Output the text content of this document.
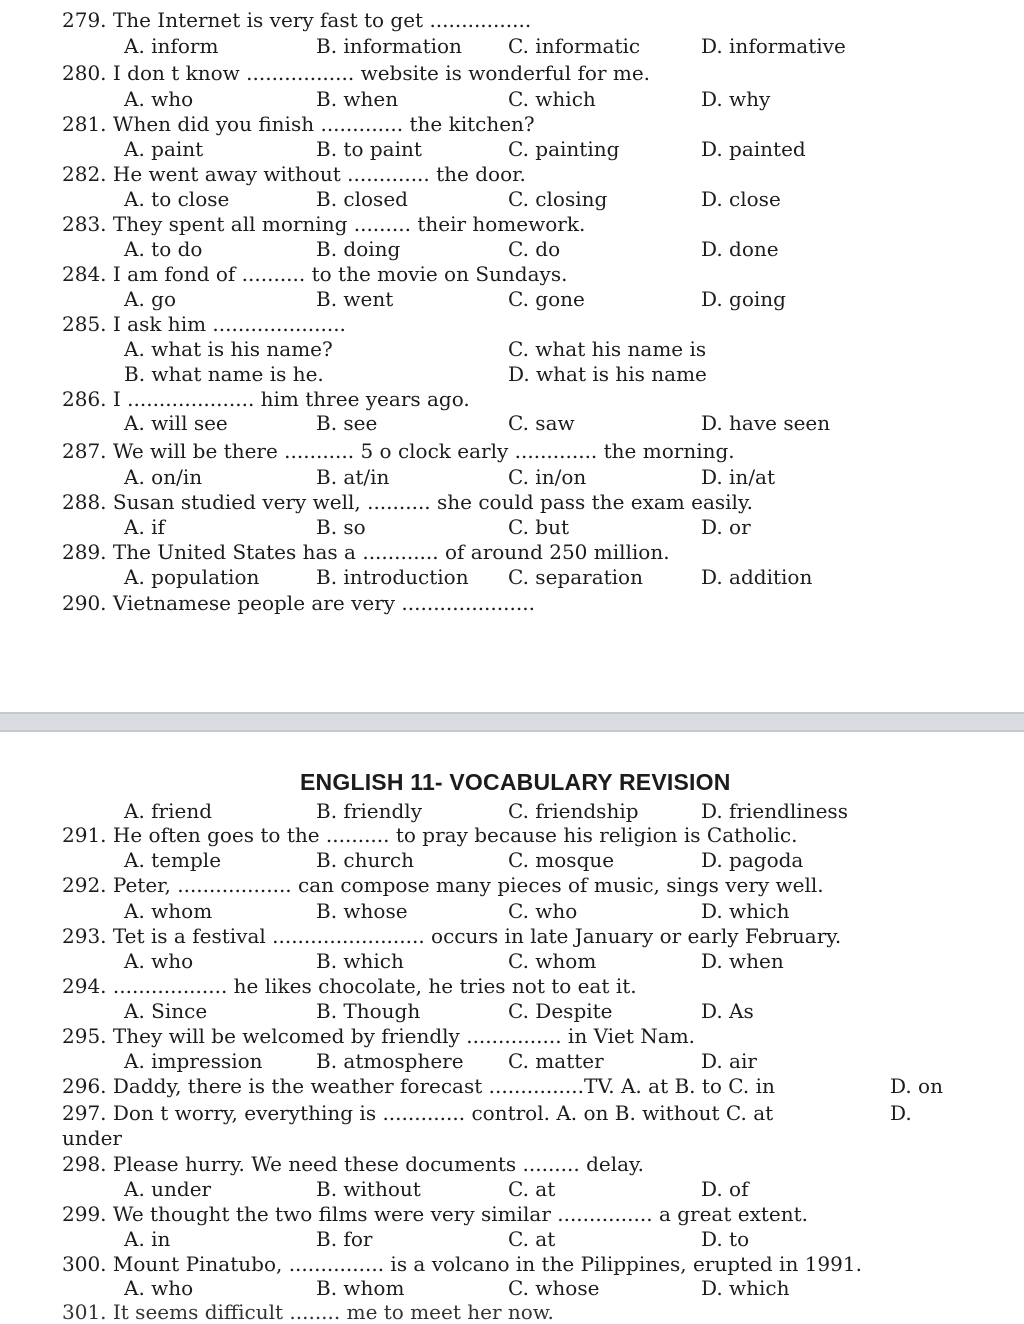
279. The Internet is very fast to get ................
A. inform	B. information C. informatic	D. informative
280. I don t know ................. website is wonderful for me.
A. who	B. when	C. which	D. why
281. When did you finish ............. the kitchen?
A. paint	B. to paint	C. painting	D. painted
282. He went away without ............. the door.
A. to close	B. closed	C. closing	D. close
283. They spent all morning ......... their homework.
A. to do	B. doing	C. do	D. done
284. I am fond of .......... to the movie on Sundays.
A. go	B. went	C. gone	D. going
285. I ask him .....................
A. what is his name?	C. what his name is
B. what name is he.	D. what is his name
286. I .................... him three years ago.
A. will see	B. see	C. saw	D. have seen
287. We will be there ........... 5 o clock early ............. the morning.
A. on/in	B. at/in	C. in/on	D. in/at
288. Susan studied very well, .......... she could pass the exam easily.
A. if	B. so	C. but	D. or
289. The United States has a ............ of around 250 million.
A. population	B. introduction C. separation	D. addition
290. Vietnamese people are very .....................
ENGLISH 11- VOCABULARY REVISION
A. friend	B. friendly	C. friendship	D. friendliness
291. He often goes to the .......... to pray because his religion is Catholic.
A. temple	B. church	C. mosque	D. pagoda
292. Peter, .................. can compose many pieces of music, sings very well.
A. whom	B. whose	C. who	D. which
293. Tet is a festival ........................ occurs in late January or early February.
A. who	B. which	C. whom	D. when
294. .................. he likes chocolate, he tries not to eat it.
A. Since	B. Though	C. Despite	D. As
295. They will be welcomed by friendly ............... in Viet Nam.
A. impression	B. atmosphere C. matter	D. air
296. Daddy, there is the weather forecast ...............TV. A. at B. to C. in	D. on
297. Don t worry, everything is ............. control. A. on B. without C. at	D.
under
298. Please hurry. We need these documents ......... delay.
A. under	B. without	C. at	D. of
299. We thought the two films were very similar ............... a great extent.
A. in	B. for	C. at	D. to
300. Mount Pinatubo, ............... is a volcano in the Pilippines, erupted in 1991.
A. who	B. whom	C. whose	D. which
301. It seems difficult ........ me to meet her now.
